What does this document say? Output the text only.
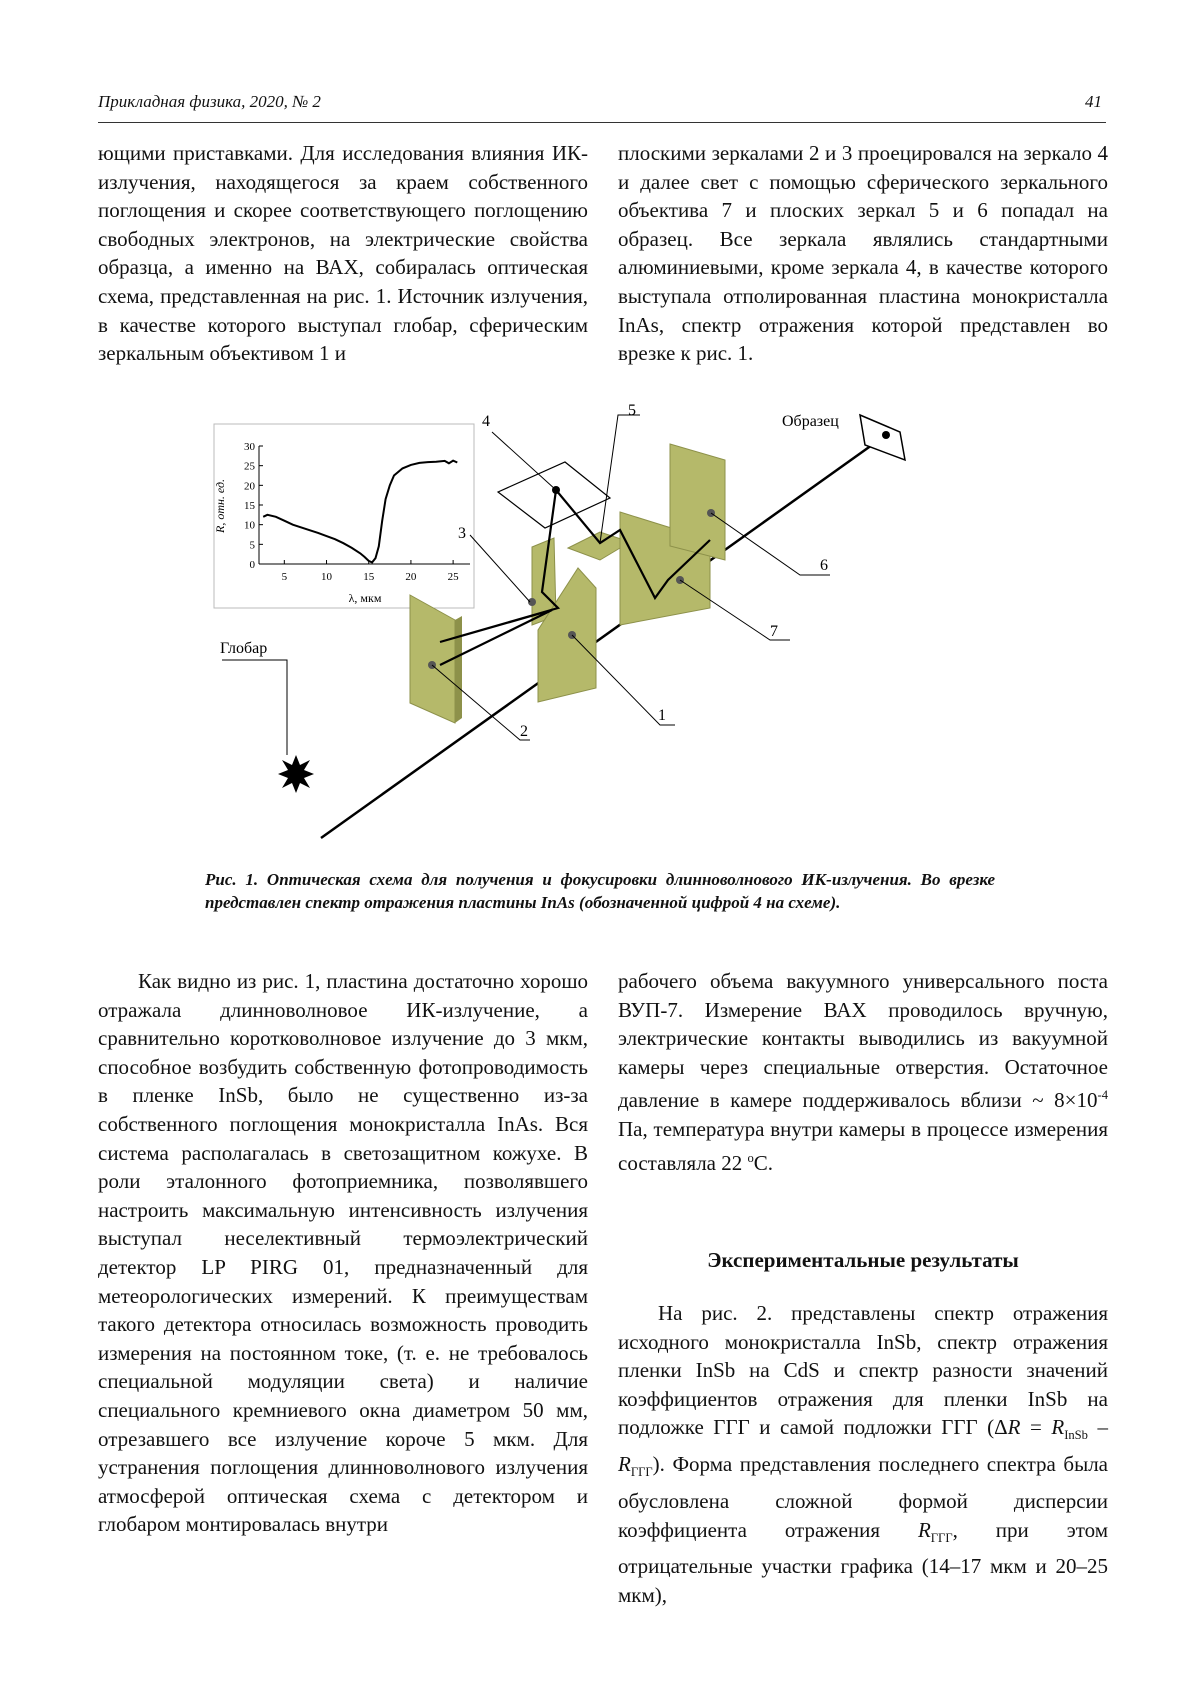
Прикладная физика, 2020, № 2	41

ющими приставками. Для исследования влияния ИК-излучения, находящегося за краем собственного поглощения и скорее соответствующего поглощению свободных электронов, на электрические свойства образца, а именно на ВАХ, собиралась оптическая схема, представленная на рис. 1. Источник излучения, в качестве которого выступал глобар, сферическим зеркальным объективом 1 и

плоскими зеркалами 2 и 3 проецировался на зеркало 4 и далее свет с помощью сферического зеркального объектива 7 и плоских зеркал 5 и 6 попадал на образец. Все зеркала являлись стандартными алюминиевыми, кроме зеркала 4, в качестве которого выступала отполированная пластина монокристалла InAs, спектр отражения которой представлен во врезке к рис. 1.

30
25
20
15
10
5
0
5	10	15	20	25
R, отн. ед.
λ, мкм
Глобар
Образец
2
1
3
4
5
6
7

Рис. 1. Оптическая схема для получения и фокусировки длинноволнового ИК-излучения. Во врезке представлен спектр отражения пластины InAs (обозначенной цифрой 4 на схеме).

Как видно из рис. 1, пластина достаточно хорошо отражала длинноволновое ИК-излучение, а сравнительно коротковолновое излучение до 3 мкм, способное возбудить собственную фотопроводимость в пленке InSb, было не существенно из-за собственного поглощения монокристалла InAs. Вся система располагалась в светозащитном кожухе. В роли эталонного фотоприемника, позволявшего настроить максимальную интенсивность излучения выступал неселективный термоэлектрический детектор LP PIRG 01, предназначенный для метеорологических измерений. К преимуществам такого детектора относилась возможность проводить измерения на постоянном токе, (т. е. не требовалось специальной модуляции света) и наличие специального кремниевого окна диаметром 50 мм, отрезавшего все излучение короче 5 мкм. Для устранения поглощения длинноволнового излучения атмосферой оптическая схема с детектором и глобаром монтировалась внутри

рабочего объема вакуумного универсального поста ВУП-7. Измерение ВАХ проводилось вручную, электрические контакты выводились из вакуумной камеры через специальные отверстия. Остаточное давление в камере поддерживалось вблизи ~ $8\times 10^{-4}$ Па, температура внутри камеры в процессе измерения составляла 22 $^o$С.

Экспериментальные результаты

На рис. 2. представлены спектр отражения исходного монокристалла InSb, спектр отражения пленки InSb на CdS и спектр разности значений коэффициентов отражения для пленки InSb на подложке ГГГ и самой подложки ГГГ $(\Delta R = R_{InSb} - R_{ГГГ})$. Форма представления последнего спектра была обусловлена сложной формой дисперсии коэффициента отражения $R_{ГГГ}$, при этом отрицательные участки графика (14–17 мкм и 20–25 мкм),
